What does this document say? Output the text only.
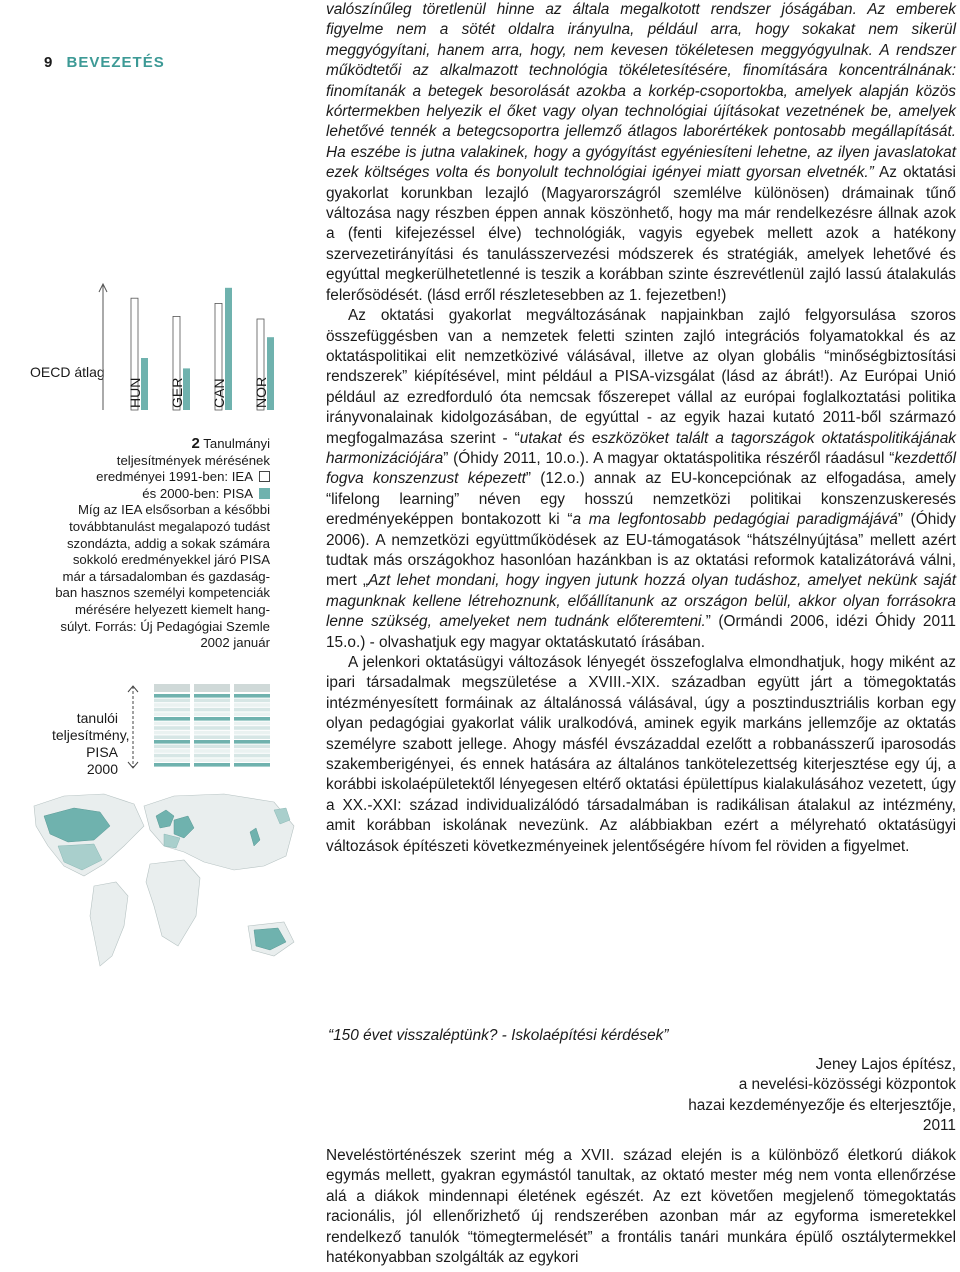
9 BEVEZETÉS
OECD átlag
HUN GER CAN NOR
2 Tanulmányi
teljesítmények mérésének
eredményei 1991-ben: IEA
és 2000-ben: PISA
Míg az IEA elsősorban a későbbi
továbbtanulást megalapozó tudást
szondázta, addig a sokak számára
sokkoló eredményekkel járó PISA
már a társadalomban és gazdaság-
ban hasznos személyi kompetenciák
mérésére helyezett kiemelt hang-
súlyt. Forrás: Új Pedagógiai Szemle
2002 január
tanulói
teljesítmény,
PISA 2000

valószínűleg töretlenül hinne az általa megalkotott rendszer jóságában. Az emberek figyelme nem a sötét oldalra irányulna, például arra, hogy sokakat nem sikerül meggyógyítani, hanem arra, hogy, nem kevesen tökéletesen meggyógyulnak. A rendszer működtetői az alkalmazott technológia tökéletesítésére, finomítására koncentrálnának: finomítanák a betegek besorolását azokba a korkép-csoportokba, amelyek alapján közös kórtermekben helyezik el őket vagy olyan technológiai újításokat vezetnének be, amelyek lehetővé tennék a betegcsoportra jellemző átlagos laborértékek pontosabb megállapítását. Ha eszébe is jutna valakinek, hogy a gyógyítást egyéniesíteni lehetne, az ilyen javaslatokat ezek költséges volta és bonyolult technológiai igényei miatt gyorsan elvetnék.” Az oktatási gyakorlat korunkban lezajló (Magyarországról szemlélve különösen) drámainak tűnő változása nagy részben éppen annak köszönhető, hogy ma már rendelkezésre állnak azok a (fenti kifejezéssel élve) technológiák, vagyis egyebek mellett azok a hatékony szervezetirányítási és tanulásszervezési módszerek és stratégiák, amelyek lehetővé és egyúttal megkerülhetetlenné is teszik a korábban szinte észrevétlenül zajló lassú átalakulás felerősödését. (lásd erről részletesebben az 1. fejezetben!)

Az oktatási gyakorlat megváltozásának napjainkban zajló felgyorsulása szoros összefüggésben van a nemzetek feletti szinten zajló integrációs folyamatokkal és az oktatáspolitikai elit nemzetközivé válásával, illetve az olyan globális “minőségbiztosítási rendszerek” kiépítésével, mint például a PISA-vizsgálat (lásd az ábrát!). Az Európai Unió például az ezredforduló óta nemcsak főszerepet vállal az európai foglalkoztatási politika irányvonalainak kidolgozásában, de egyúttal - az egyik hazai kutató 2011-ből származó megfogalmazása szerint - “utakat és eszközöket talált a tagországok oktatáspolitikájának harmonizációjára” (Óhidy 2011, 10.o.). A magyar oktatáspolitika részéről ráadásul “kezdettől fogva konszenzust képezett” (12.o.) annak az EU-koncepciónak az elfogadása, amely “lifelong learning” néven egy hosszú nemzetközi politikai konszenzuskeresés eredményeképpen bontakozott ki “a ma legfontosabb pedagógiai paradigmájává” (Óhidy 2006). A nemzetközi együttműködések az EU-támogatások “hátszélnyújtása” mellett azért tudtak más országokhoz hasonlóan hazánkban is az oktatási reformok katalizátorává válni, mert „Azt lehet mondani, hogy ingyen jutunk hozzá olyan tudáshoz, amelyet nekünk saját magunknak kellene létrehoznunk, előállítanunk az országon belül, akkor olyan forrásokra lenne szükség, amelyeket nem tudnánk előteremteni.” (Ormándi 2006, idézi Óhidy 2011 15.o.) - olvashatjuk egy magyar oktatáskutató írásában.

A jelenkori oktatásügyi változások lényegét összefoglalva elmondhatjuk, hogy miként az ipari társadalmak megszületése a XVIII.-XIX. században együtt járt a tömegoktatás intézményesített formáinak az általánossá válásával, úgy a posztindusztriális korban egy olyan pedagógiai gyakorlat válik uralkodóvá, aminek egyik markáns jellemzője az oktatás személyre szabott jellege. Ahogy másfél évszázaddal ezelőtt a robbanásszerű iparosodás szakemberigényei, és ennek hatására az általános tankötelezettség kiterjesztése egy új, a korábbi iskolaépületektől lényegesen eltérő oktatási épülettípus kialakulásához vezetett, úgy a XX.-XXI: század individualizálódó társadalmában is radikálisan átalakul az intézmény, amit korábban iskolának nevezünk. Az alábbiakban ezért a mélyreható oktatásügyi változások építészeti következményeinek jelentőségére hívom fel röviden a figyelmet.

“150 évet visszaléptünk? - Iskolaépítési kérdések”
Jeney Lajos építész,
a nevelési-közösségi központok
hazai kezdeményezője és elterjesztője,
2011
Neveléstörténészek szerint még a XVII. század elején is a különböző életkorú diákok egymás mellett, gyakran egymástól tanultak, az oktató mester még nem vonta ellenőrzése alá a diákok mindennapi életének egészét. Az ezt követően megjelenő tömegoktatás racionális, jól ellenőrizhető új rendszerében azonban már az egyforma ismeretekkel rendelkező tanulók “tömegtermelését” a frontális tanári munkára épülő osztálytermekkel hatékonyabban szolgálták az egykori
